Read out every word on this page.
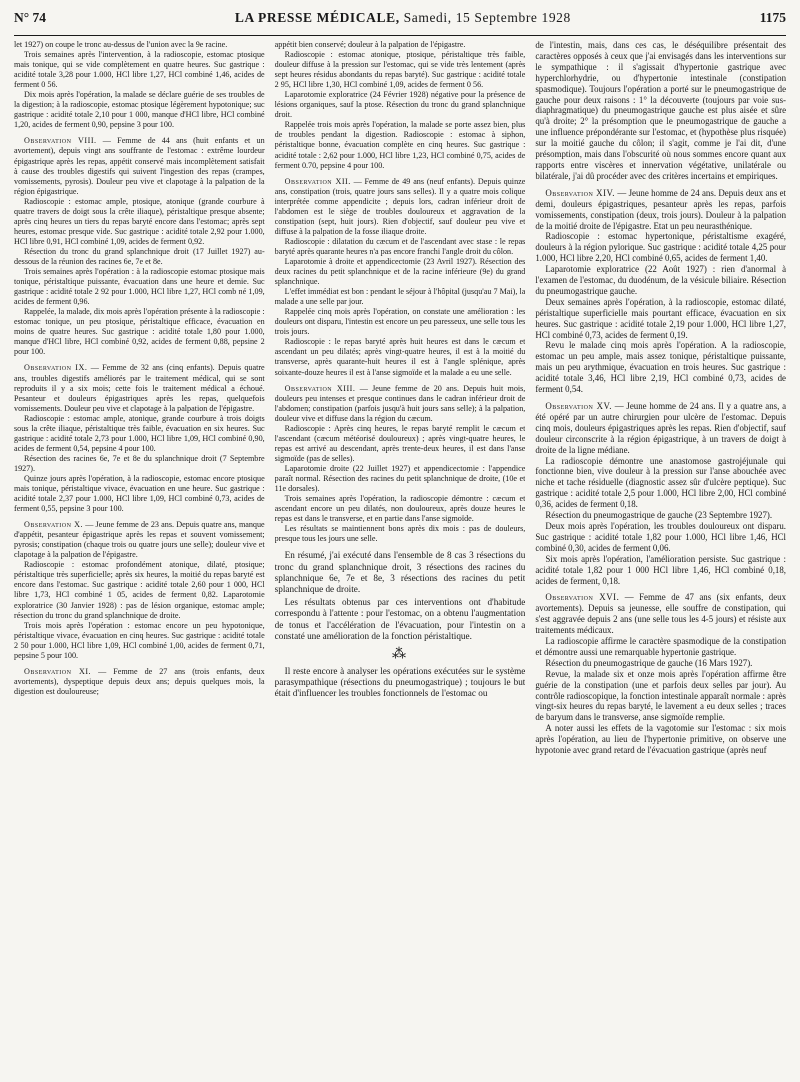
N° 74	LA PRESSE MÉDICALE, Samedi, 15 Septembre 1928	1175

let 1927) on coupe le tronc au-dessus de l'union avec la 9e racine.

Trois semaines après l'intervention, à la radioscopie, estomac ptosique mais tonique, qui se vide complètement en quatre heures. Suc gastrique : acidité totale 3,28 pour 1.000, HCl libre 1,27, HCl combiné 1,46, acides de ferment 0 56.

Dix mois après l'opération, la malade se déclare guérie de ses troubles de la digestion; à la radioscopie, estomac ptosique légèrement hypotonique; suc gastrique : acidité totale 2,10 pour 1 000, manque d'HCl libre, HCl combiné 1,20, acides de ferment 0,90, pepsine 3 pour 100.

Observation VIII. — Femme de 44 ans (huit enfants et un avortement), depuis vingt ans souffrante de l'estomac : extrême lourdeur épigastrique après les repas, appétit conservé mais incomplètement satisfait à cause des troubles digestifs qui suivent l'ingestion des repas (crampes, vomissements, pyrosis). Douleur peu vive et clapotage à la palpation de la région épigastrique.

Radioscopie : estomac ample, ptosique, atonique (grande courbure à quatre travers de doigt sous la crête iliaque), péristaltique presque absente; après cinq heures un tiers du repas baryté encore dans l'estomac; après sept heures, estomac presque vide. Suc gastrique : acidité totale 2,92 pour 1.000, HCl libre 0,91, HCl combiné 1,09, acides de ferment 0,92.

Résection du tronc du grand splanchnique droit (17 Juillet 1927) au-dessous de la réunion des racines 6e, 7e et 8e.

Trois semaines après l'opération : à la radioscopie estomac ptosique mais tonique, péristaltique puissante, évacuation dans une heure et demie. Suc gastrique : acidité totale 2 92 pour 1.000, HCl libre 1,27, HCl comb né 1,09, acides de ferment 0,96.

Rappelée, la malade, dix mois après l'opération présente à la radioscopie : estomac tonique, un peu ptosique, péristaltique efficace, évacuation en moins de quatre heures. Suc gastrique : acidité totale 1,80 pour 1.000, manque d'HCl libre, HCl combiné 0,92, acides de ferment 0,88, pepsine 2 pour 100.

Observation IX. — Femme de 32 ans (cinq enfants). Depuis quatre ans, troubles digestifs améliorés par le traitement médical, qui se sont reproduits il y a six mois; cette fois le traitement médical a échoué. Pesanteur et douleurs épigastriques après les repas, quelquefois vomissements. Douleur peu vive et clapotage à la palpation de l'épigastre.

Radioscopie : estomac ample, atonique, grande courbure à trois doigts sous la crête iliaque, péristaltique très faible, évacuation en six heures. Suc gastrique : acidité totale 2,73 pour 1.000, HCl libre 1,09, HCl combiné 0,90, acides de ferment 0,54, pepsine 4 pour 100.

Résection des racines 6e, 7e et 8e du splanchnique droit (7 Septembre 1927).

Quinze jours après l'opération, à la radioscopie, estomac encore ptosique mais tonique, péristaltique vivace, évacuation en une heure. Suc gastrique : acidité totale 2,37 pour 1.000, HCl libre 1,09, HCl combiné 0,73, acides de ferment 0,55, pepsine 3 pour 100.

Observation X. — Jeune femme de 23 ans. Depuis quatre ans, manque d'appétit, pesanteur épigastrique après les repas et souvent vomissement; pyrosis; constipation (chaque trois ou quatre jours une selle); douleur vive et clapotage à la palpation de l'épigastre.

Radioscopie : estomac profondément atonique, dilaté, ptosique; péristaltique très superficielle; après six heures, la moitié du repas baryté est encore dans l'estomac. Suc gastrique : acidité totale 2,60 pour 1 000, HCl libre 1,73, HCl combiné 1 05, acides de ferment 0,82. Laparotomie exploratrice (30 Janvier 1928) : pas de lésion organique, estomac ample; résection du tronc du grand splanchnique de droite.

Trois mois après l'opération : estomac encore un peu hypotonique, péristaltique vivace, évacuation en cinq heures. Suc gastrique : acidité totale 2 50 pour 1.000, HCl libre 1,09, HCl combiné 1,00, acides de ferment 0,71, pepsine 5 pour 100.

Observation XI. — Femme de 27 ans (trois enfants, deux avortements), dyspeptique depuis deux ans; depuis quelques mois, la digestion est douloureuse;

appétit bien conservé; douleur à la palpation de l'épigastre.

Radioscopie : estomac atonique, ptosique, péristaltique très faible, douleur diffuse à la pression sur l'estomac, qui se vide très lentement (après sept heures résidus abondants du repas baryté). Suc gastrique : acidité totale 2 95, HCl libre 1,30, HCl combiné 1,09, acides de ferment 0 56.

Laparotomie exploratrice (24 Février 1928) négative pour la présence de lésions organiques, sauf la ptose. Résection du tronc du grand splanchnique droit.

Rappelée trois mois après l'opération, la malade se porte assez bien, plus de troubles pendant la digestion. Radioscopie : estomac à siphon, péristaltique bonne, évacuation complète en cinq heures. Suc gastrique : acidité totale : 2,62 pour 1.000, HCl libre 1,23, HCl combiné 0,75, acides de ferment 0.70, pepsine 4 pour 100.

Observation XII. — Femme de 49 ans (neuf enfants). Depuis quinze ans, constipation (trois, quatre jours sans selles). Il y a quatre mois colique interprétée comme appendicite ; depuis lors, cadran inférieur droit de l'abdomen est le siège de troubles douloureux et aggravation de la constipation (sept, huit jours). Rien d'objectif, sauf douleur peu vive et diffuse à la palpation de la fosse iliaque droite.

Radioscopie : dilatation du cæcum et de l'ascendant avec stase : le repas baryté après quarante heures n'a pas encore franchi l'angle droit du côlon.

Laparotomie à droite et appendicectomie (23 Avril 1927). Résection des deux racines du petit splanchnique et de la racine inférieure (9e) du grand splanchnique.

L'effet immédiat est bon : pendant le séjour à l'hôpital (jusqu'au 7 Mai), la malade a une selle par jour.

Rappelée cinq mois après l'opération, on constate une amélioration : les douleurs ont disparu, l'intestin est encore un peu paresseux, une selle tous les trois jours.

Radioscopie : le repas baryté après huit heures est dans le cæcum et ascendant un peu dilatés; après vingt-quatre heures, il est à la moitié du transverse, après quarante-huit heures il est à l'angle splénique, après soixante-douze heures il est à l'anse sigmoïde et la malade a eu une selle.

Observation XIII. — Jeune femme de 20 ans. Depuis huit mois, douleurs peu intenses et presque continues dans le cadran inférieur droit de l'abdomen; constipation (parfois jusqu'à huit jours sans selle); à la palpation, douleur vive et diffuse dans la région du cæcum.

Radioscopie : Après cinq heures, le repas baryté remplit le cæcum et l'ascendant (cæcum météorisé douloureux) ; après vingt-quatre heures, le repas est arrivé au descendant, après trente-deux heures, il est dans l'anse sigmoïde (pas de selles).

Laparotomie droite (22 Juillet 1927) et appendicectomie : l'appendice paraît normal. Résection des racines du petit splanchnique de droite, (10e et 11e dorsales).

Trois semaines après l'opération, la radioscopie démontre : cæcum et ascendant encore un peu dilatés, non douloureux, après douze heures le repas est dans le transverse, et en partie dans l'anse sigmoïde.

Les résultats se maintiennent bons après dix mois : pas de douleurs, presque tous les jours une selle.

En résumé, j'ai exécuté dans l'ensemble de 8 cas 3 résections du tronc du grand splanchnique droit, 3 résections des racines du splanchnique 6e, 7e et 8e, 3 résections des racines du petit splanchnique de droite.

Les résultats obtenus par ces interventions ont d'habitude correspondu à l'attente : pour l'estomac, on a obtenu l'augmentation de tonus et l'accélération de l'évacuation, pour l'intestin on a constaté une amélioration de la fonction péristaltique.

⁂

Il reste encore à analyser les opérations exécutées sur le système parasympathique (résections du pneumogastrique) ; toujours le but était d'influencer les troubles fonctionnels de l'estomac ou

de l'intestin, mais, dans ces cas, le déséquilibre présentait des caractères opposés à ceux que j'ai envisagés dans les interventions sur le sympathique : il s'agissait d'hypertonie gastrique avec hyperchlorhydrie, ou d'hypertonie intestinale (constipation spasmodique). Toujours l'opération a porté sur le pneumogastrique de gauche pour deux raisons : 1° la découverte (toujours par voie sus-diaphragmatique) du pneumogastrique gauche est plus aisée et sûre qu'à droite; 2° la présomption que le pneumogastrique de gauche a une influence prépondérante sur l'estomac, et (hypothèse plus risquée) sur la moitié gauche du côlon; il s'agit, comme je l'ai dit, d'une présomption, mais dans l'obscurité où nous sommes encore quant aux rapports entre viscères et innervation végétative, unilatérale ou bilatérale, j'ai dû procéder avec des critères incertains et empiriques.

Observation XIV. — Jeune homme de 24 ans. Depuis deux ans et demi, douleurs épigastriques, pesanteur après les repas, parfois vomissements, constipation (deux, trois jours). Douleur à la palpation de la moitié droite de l'épigastre. Etat un peu neurasthénique.

Radioscopie : estomac hypertonique, péristaltisme exagéré, douleurs à la région pylorique. Suc gastrique : acidité totale 4,25 pour 1.000, HCl libre 2,20, HCl combiné 0,65, acides de ferment 1,40.

Laparotomie exploratrice (22 Août 1927) : rien d'anormal à l'examen de l'estomac, du duodénum, de la vésicule biliaire. Résection du pneumogastrique gauche.

Deux semaines après l'opération, à la radioscopie, estomac dilaté, péristaltique superficielle mais pourtant efficace, évacuation en six heures. Suc gastrique : acidité totale 2,19 pour 1.000, HCl libre 1,27, HCl combiné 0,73, acides de ferment 0,19.

Revu le malade cinq mois après l'opération. A la radioscopie, estomac un peu ample, mais assez tonique, péristaltique puissante, mais un peu arythmique, évacuation en trois heures. Suc gastrique : acidité totale 3,46, HCl libre 2,19, HCl combiné 0,73, acides de ferment 0,54.

Observation XV. — Jeune homme de 24 ans. Il y a quatre ans, a été opéré par un autre chirurgien pour ulcère de l'estomac. Depuis cinq mois, douleurs épigastriques après les repas. Rien d'objectif, sauf douleur circonscrite à la région épigastrique, à un travers de doigt à droite de la ligne médiane.

La radioscopie démontre une anastomose gastrojéjunale qui fonctionne bien, vive douleur à la pression sur l'anse abouchée avec niche et tache résiduelle (diagnostic assez sûr d'ulcère peptique). Suc gastrique : acidité totale 2,5 pour 1.000, HCl libre 2,00, HCl combiné 0,36, acides de ferment 0,18.

Résection du pneumogastrique de gauche (23 Septembre 1927).

Deux mois après l'opération, les troubles douloureux ont disparu. Suc gastrique : acidité totale 1,82 pour 1.000, HCl libre 1,46, HCl combiné 0,30, acides de ferment 0,06.

Six mois après l'opération, l'amélioration persiste. Suc gastrique : acidité totale 1,82 pour 1 000 HCl libre 1,46, HCl combiné 0,18, acides de ferment, 0,18.

Observation XVI. — Femme de 47 ans (six enfants, deux avortements). Depuis sa jeunesse, elle souffre de constipation, qui s'est aggravée depuis 2 ans (une selle tous les 4-5 jours) et résiste aux traitements médicaux.

La radioscopie affirme le caractère spasmodique de la constipation et démontre aussi une remarquable hypertonie gastrique.

Résection du pneumogastrique de gauche (16 Mars 1927).

Revue, la malade six et onze mois après l'opération affirme être guérie de la constipation (une et parfois deux selles par jour). Au contrôle radioscopique, la fonction intestinale apparaît normale : après vingt-six heures du repas baryté, le lavement a eu deux selles ; traces de baryum dans le transverse, anse sigmoïde remplie.

A noter aussi les effets de la vagotomie sur l'estomac : six mois après l'opération, au lieu de l'hypertonie primitive, on observe une hypotonie avec grand retard de l'évacuation gastrique (après neuf
